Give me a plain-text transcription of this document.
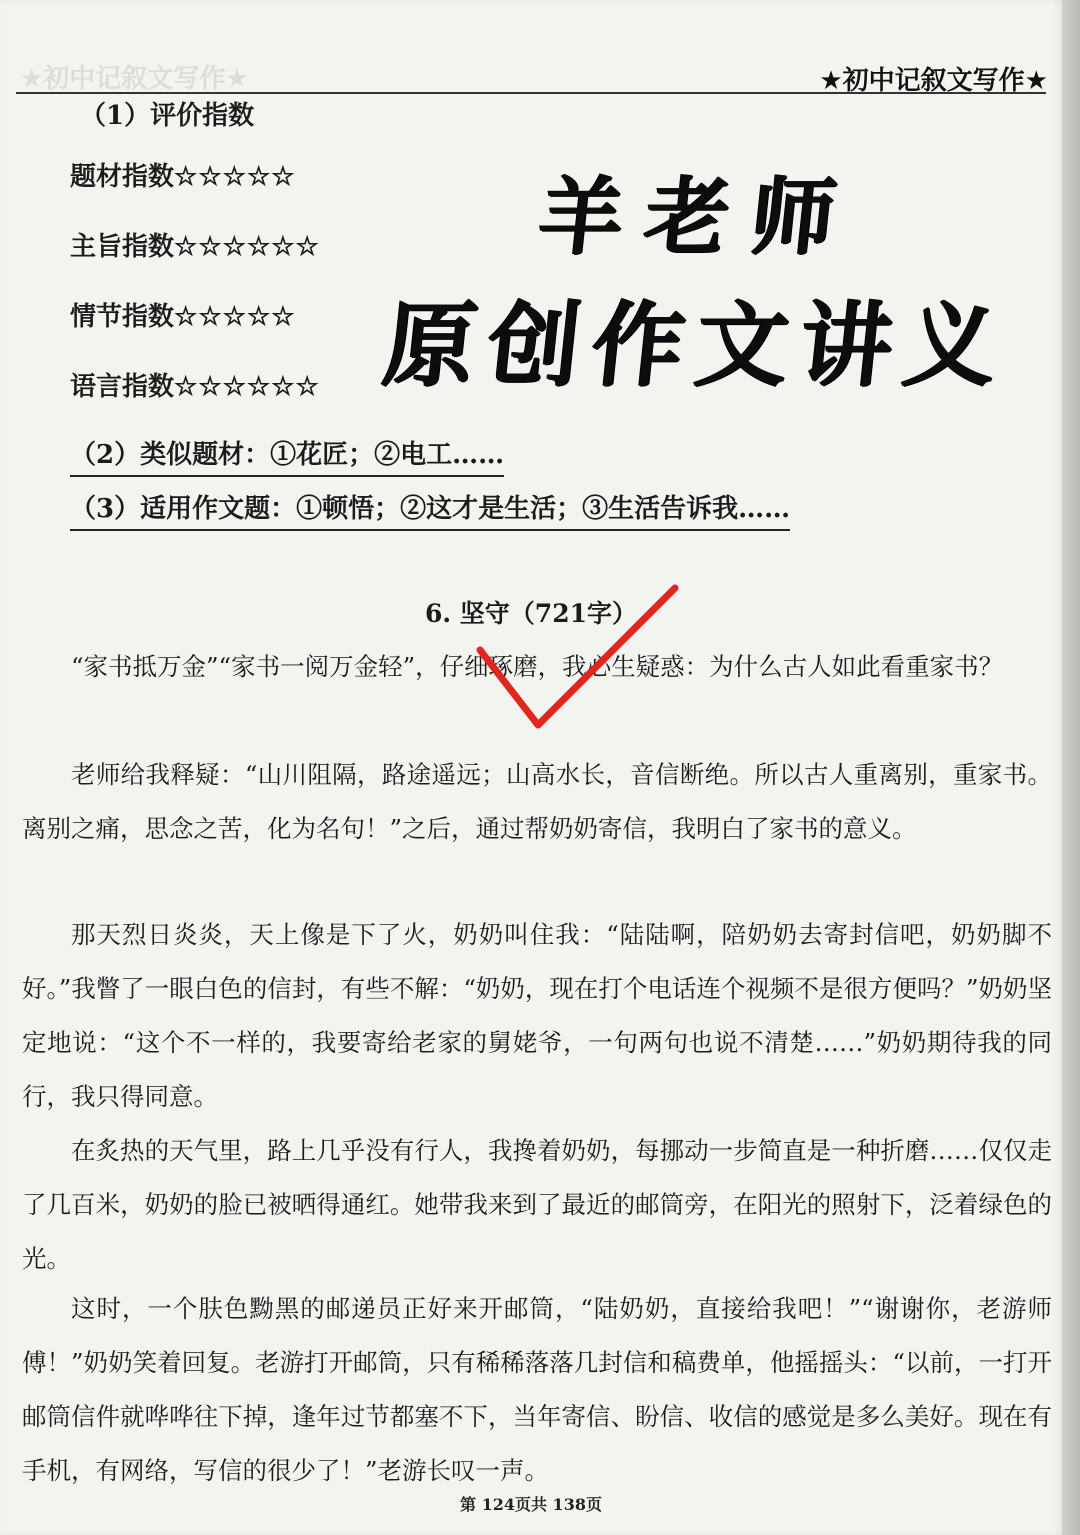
★初中记叙文写作★	★初中记叙文写作★
（1）评价指数
题材指数☆☆☆☆☆
主旨指数☆☆☆☆☆☆
情节指数☆☆☆☆☆
语言指数☆☆☆☆☆☆
（2）类似题材：①花匠；②电工……
（3）适用作文题：①顿悟；②这才是生活；③生活告诉我……
羊老师
原创作文讲义
6. 坚守（721字）
“家书抵万金”“家书一阅万金轻”，仔细琢磨，我心生疑惑：为什么古人如此看重家书？
老师给我释疑：“山川阻隔，路途遥远；山高水长，音信断绝。所以古人重离别，重家书。离别之痛，思念之苦，化为名句！”之后，通过帮奶奶寄信，我明白了家书的意义。
那天烈日炎炎，天上像是下了火，奶奶叫住我：“陆陆啊，陪奶奶去寄封信吧，奶奶脚不好。”我瞥了一眼白色的信封，有些不解：“奶奶，现在打个电话连个视频不是很方便吗？”奶奶坚定地说：“这个不一样的，我要寄给老家的舅姥爷，一句两句也说不清楚……”奶奶期待我的同行，我只得同意。
在炙热的天气里，路上几乎没有行人，我搀着奶奶，每挪动一步简直是一种折磨……仅仅走了几百米，奶奶的脸已被晒得通红。她带我来到了最近的邮筒旁，在阳光的照射下，泛着绿色的光。
这时，一个肤色黝黑的邮递员正好来开邮筒，“陆奶奶，直接给我吧！”“谢谢你，老游师傅！”奶奶笑着回复。老游打开邮筒，只有稀稀落落几封信和稿费单，他摇摇头：“以前，一打开邮筒信件就哗哗往下掉，逢年过节都塞不下，当年寄信、盼信、收信的感觉是多么美好。现在有手机，有网络，写信的很少了！”老游长叹一声。
第 124页共 138页
